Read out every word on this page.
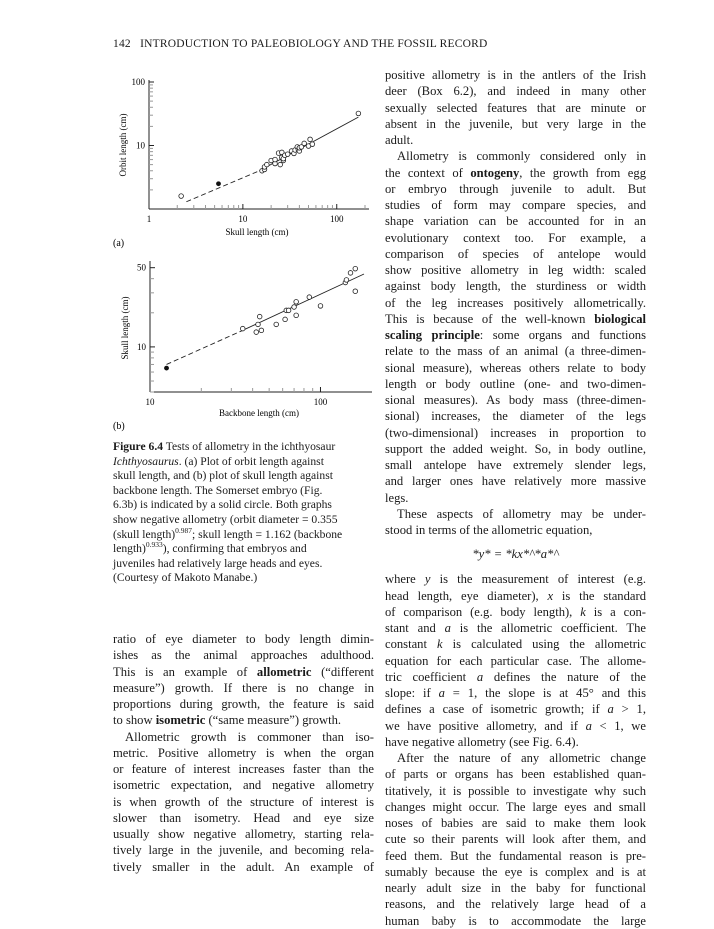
142 INTRODUCTION TO PALEOBIOLOGY AND THE FOSSIL RECORD
1	10	100
10
100
Skull length (cm)
Orbit length (cm)
(a)
10	100
10
50
Backbone length (cm)
Skull length (cm)
(b)
Figure 6.4 Tests of allometry in the ichthyosaur
Ichthyosaurus. (a) Plot of orbit length against
skull length, and (b) plot of skull length against
backbone length. The Somerset embryo (Fig.
6.3b) is indicated by a solid circle. Both graphs
show negative allometry (orbit diameter = 0.355
(skull length)$^{0.987}$; skull length = 1.162 (backbone
length)$^{0.933}$), confirming that embryos and
juveniles had relatively large heads and eyes.
(Courtesy of Makoto Manabe.)
ratio of eye diameter to body length dimin-
ishes as the animal approaches adulthood.
This is an example of allometric (“different
measure”) growth. If there is no change in
proportions during growth, the feature is said
to show isometric (“same measure”) growth.
Allometric growth is commoner than iso-
metric. Positive allometry is when the organ
or feature of interest increases faster than the
isometric expectation, and negative allometry
is when growth of the structure of interest is
slower than isometry. Head and eye size
usually show negative allometry, starting rela-
tively large in the juvenile, and becoming rela-
tively smaller in the adult. An example of
positive allometry is in the antlers of the Irish
deer (Box 6.2), and indeed in many other
sexually selected features that are minute or
absent in the juvenile, but very large in the
adult.
Allometry is commonly considered only in
the context of ontogeny, the growth from egg
or embryo through juvenile to adult. But
studies of form may compare species, and
shape variation can be accounted for in an
evolutionary context too. For example, a
comparison of species of antelope would
show positive allometry in leg width: scaled
against body length, the sturdiness or width
of the leg increases positively allometrically.
This is because of the well-known biological
scaling principle: some organs and functions
relate to the mass of an animal (a three-dimen-
sional measure), whereas others relate to body
length or body outline (one- and two-dimen-
sional measures). As body mass (three-dimen-
sional) increases, the diameter of the legs
(two-dimensional) increases in proportion to
support the added weight. So, in body outline,
small antelope have extremely slender legs,
and larger ones have relatively more massive
legs.
These aspects of allometry may be under-
stood in terms of the allometric equation,
*y* = *kx*^*a*^
where y is the measurement of interest (e.g.
head length, eye diameter), x is the standard
of comparison (e.g. body length), k is a con-
stant and a is the allometric coefficient. The
constant k is calculated using the allometric
equation for each particular case. The allome-
tric coefficient a defines the nature of the
slope: if a = 1, the slope is at 45° and this
defines a case of isometric growth; if a > 1,
we have positive allometry, and if a < 1, we
have negative allometry (see Fig. 6.4).
After the nature of any allometric change
of parts or organs has been established quan-
titatively, it is possible to investigate why such
changes might occur. The large eyes and small
noses of babies are said to make them look
cute so their parents will look after them, and
feed them. But the fundamental reason is pre-
sumably because the eye is complex and is at
nearly adult size in the baby for functional
reasons, and the relatively large head of a
human baby is to accommodate the large
